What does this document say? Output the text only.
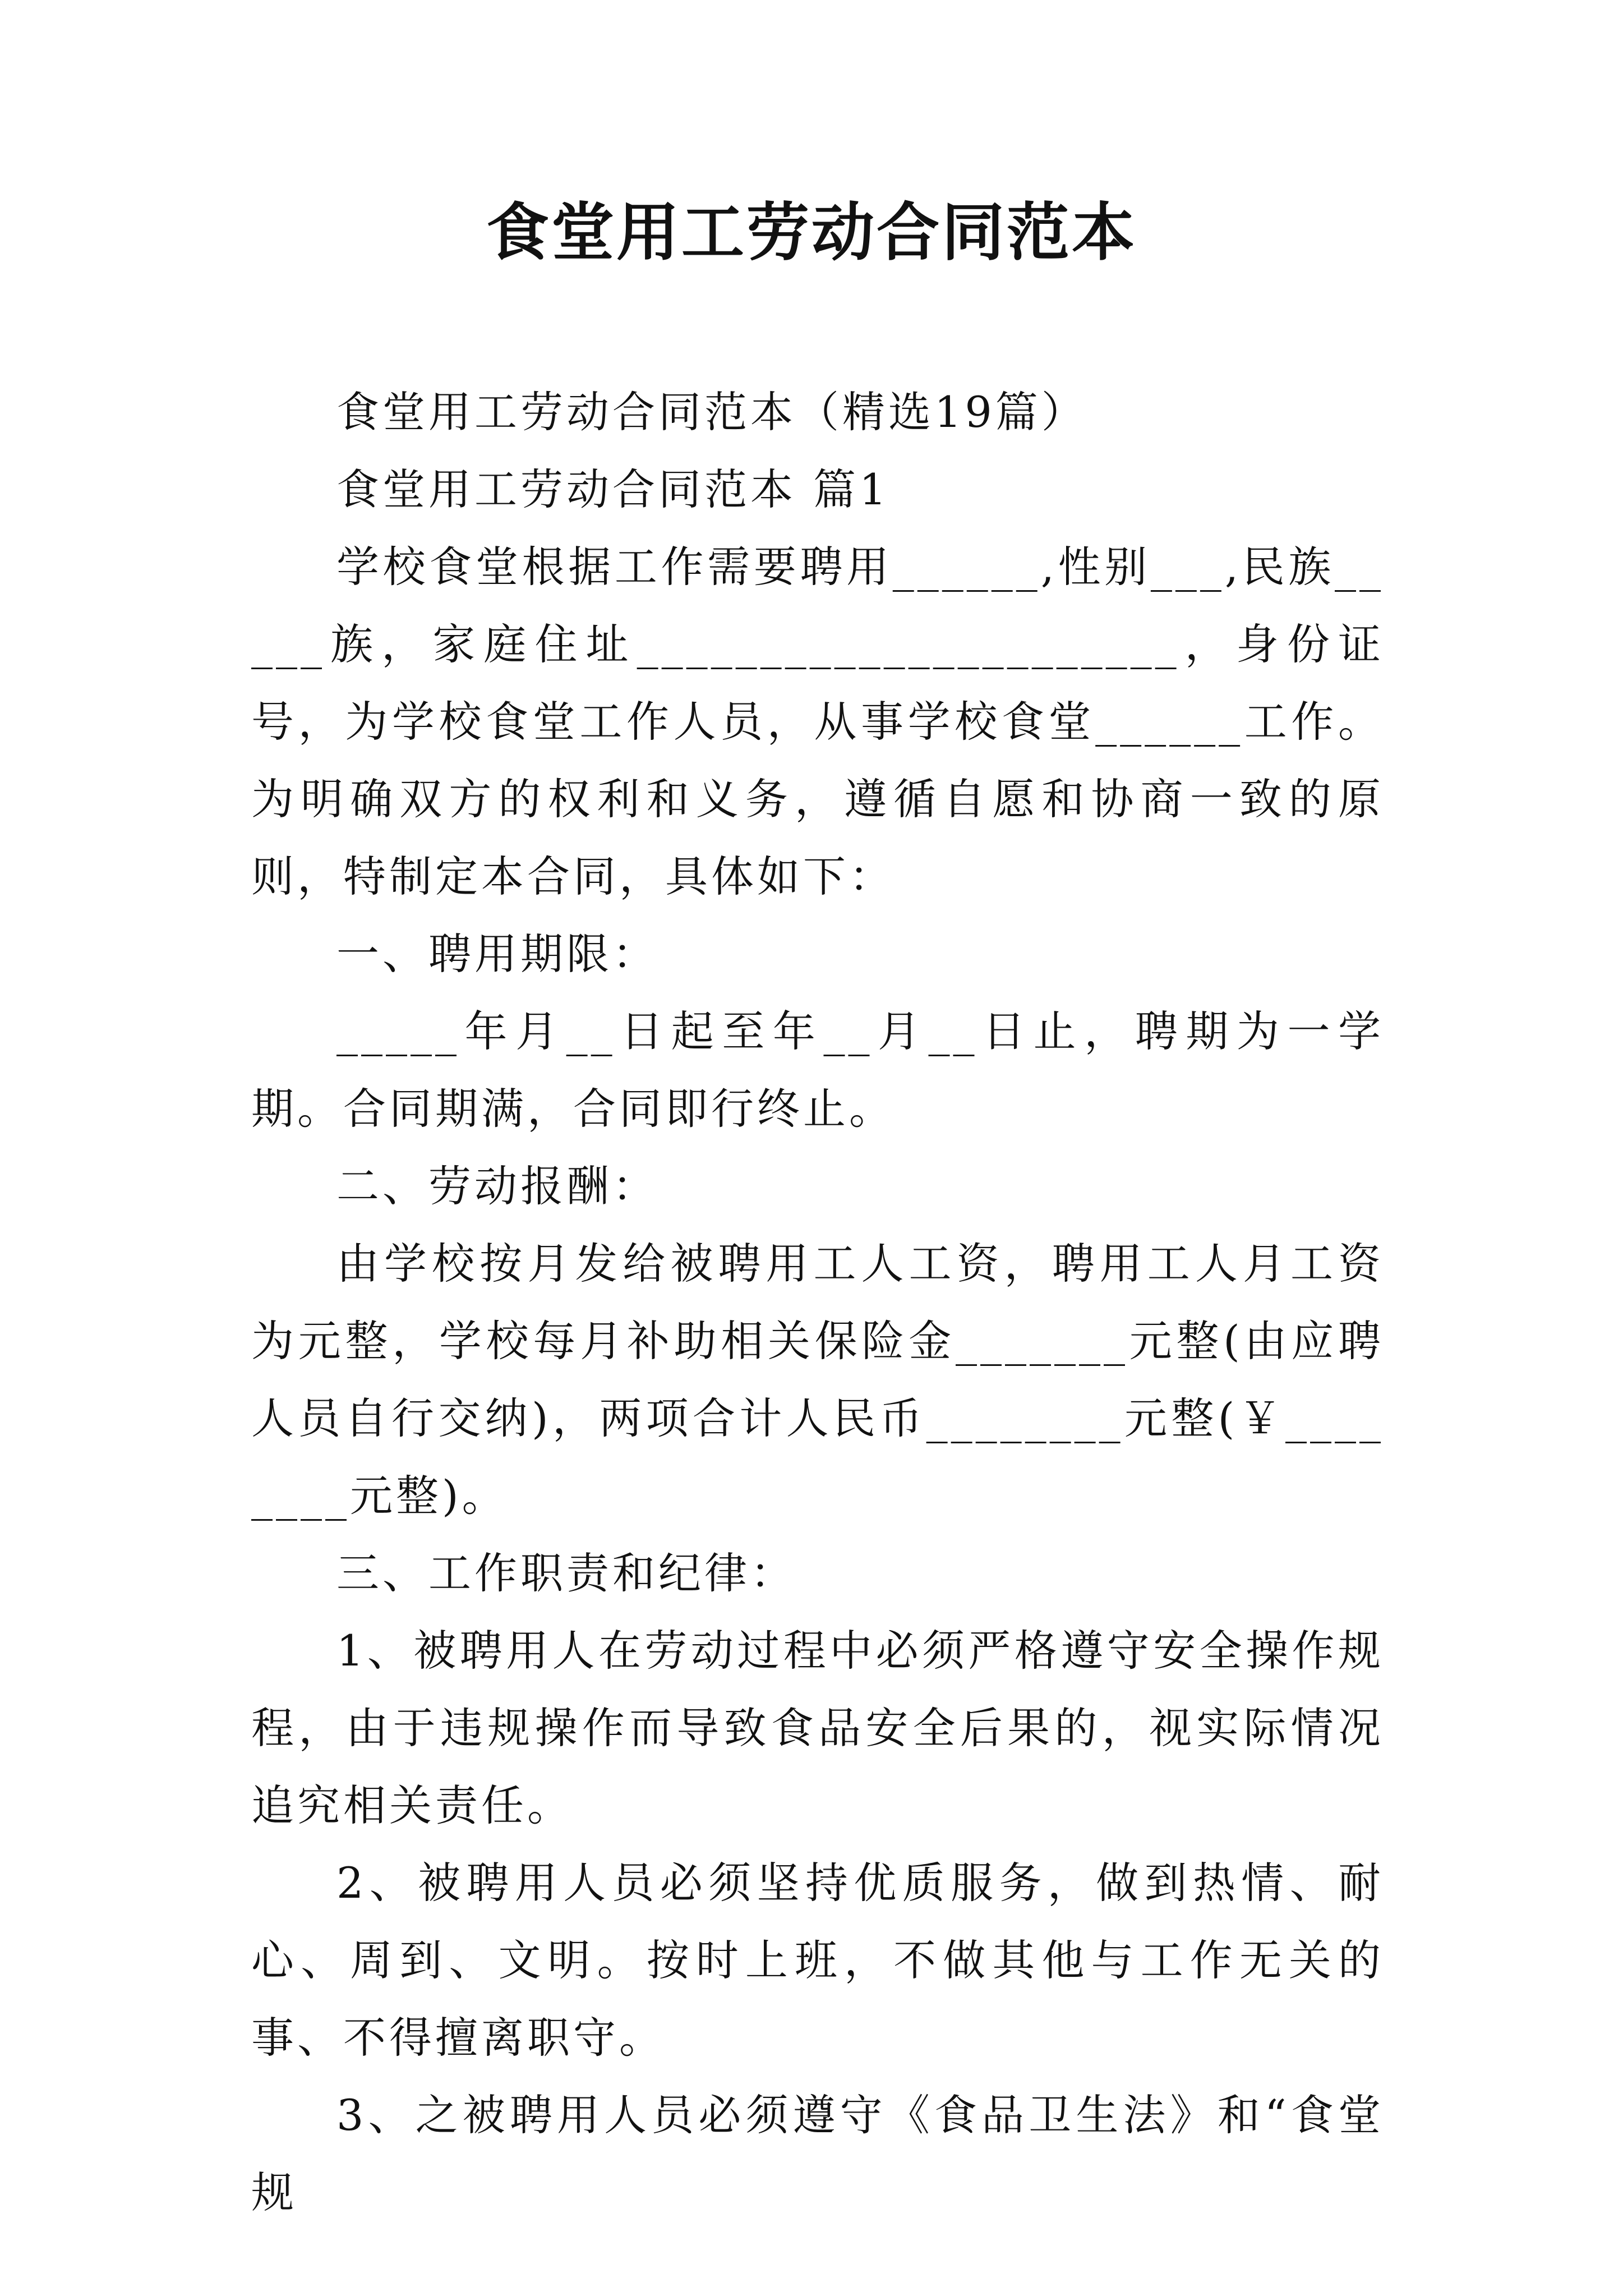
食堂用工劳动合同范本

食堂用工劳动合同范本（精选19篇）

食堂用工劳动合同范本 篇1

学校食堂根据工作需要聘用______,性别___,民族_____族，家庭住址______________________，身份证号，为学校食堂工作人员，从事学校食堂______工作。为明确双方的权利和义务，遵循自愿和协商一致的原则，特制定本合同，具体如下：

一、聘用期限：

_____年月__日起至年__月__日止，聘期为一学期。合同期满，合同即行终止。

二、劳动报酬：

由学校按月发给被聘用工人工资，聘用工人月工资为元整，学校每月补助相关保险金_______元整(由应聘人员自行交纳)，两项合计人民币________元整(￥________元整)。

三、工作职责和纪律：

1、被聘用人在劳动过程中必须严格遵守安全操作规程，由于违规操作而导致食品安全后果的，视实际情况追究相关责任。

2、被聘用人员必须坚持优质服务，做到热情、耐心、周到、文明。按时上班，不做其他与工作无关的事、不得擅离职守。

3、之被聘用人员必须遵守《食品卫生法》和“食堂规
